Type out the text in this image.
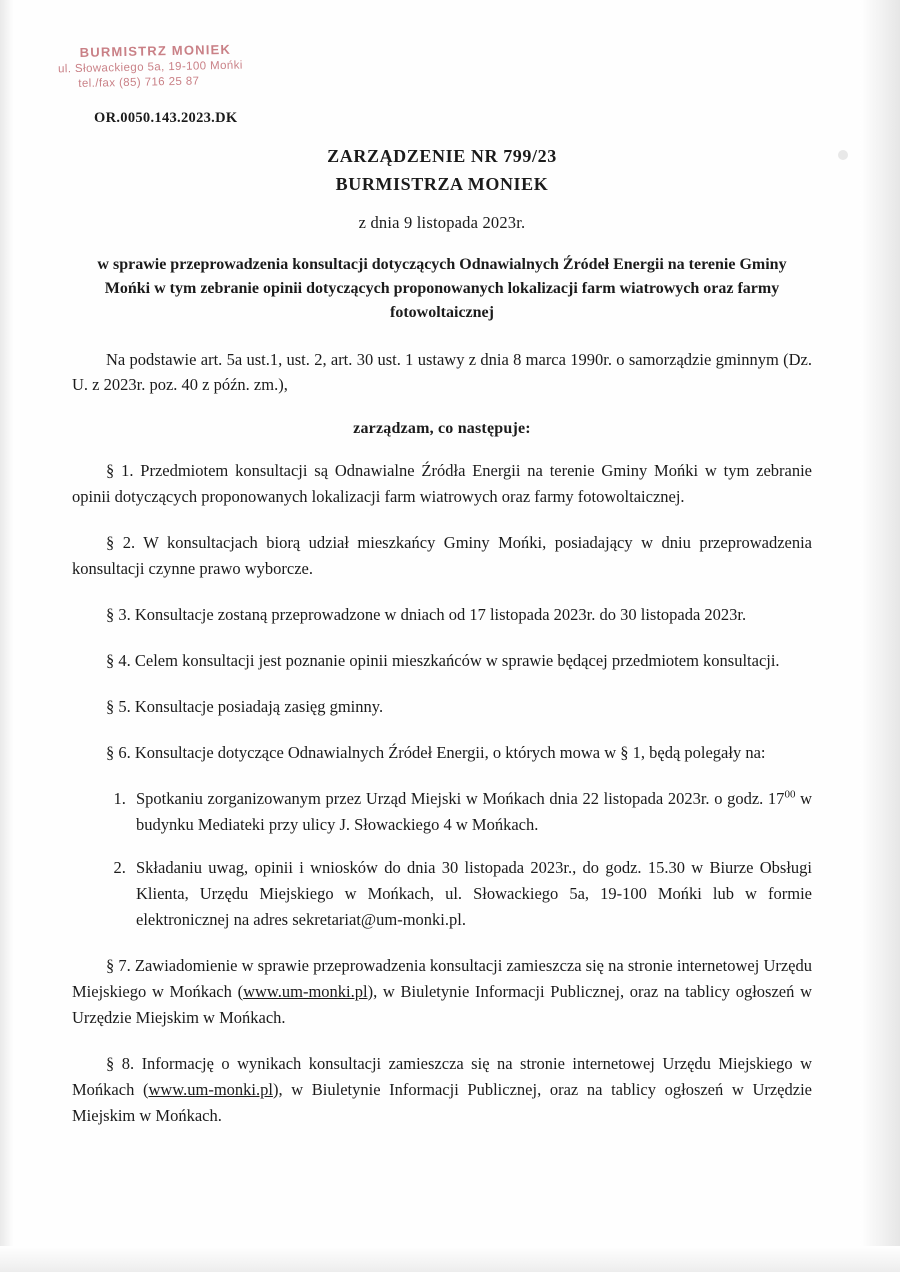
BURMISTRZ MONIEK
ul. Słowackiego 5a, 19-100 Mońki
tel./fax (85) 716 25 87
OR.0050.143.2023.DK
ZARZĄDZENIE NR 799/23
BURMISTRZA MONIEK
z dnia 9 listopada 2023r.
w sprawie przeprowadzenia konsultacji dotyczących Odnawialnych Źródeł Energii na terenie Gminy Mońki w tym zebranie opinii dotyczących proponowanych lokalizacji farm wiatrowych oraz farmy fotowoltaicznej
Na podstawie art. 5a ust.1, ust. 2, art. 30 ust. 1 ustawy z dnia 8 marca 1990r. o samorządzie gminnym (Dz. U. z 2023r. poz. 40 z późn. zm.),
zarządzam, co następuje:
§ 1. Przedmiotem konsultacji są Odnawialne Źródła Energii na terenie Gminy Mońki w tym zebranie opinii dotyczących proponowanych lokalizacji farm wiatrowych oraz farmy fotowoltaicznej.
§ 2. W konsultacjach biorą udział mieszkańcy Gminy Mońki, posiadający w dniu przeprowadzenia konsultacji czynne prawo wyborcze.
§ 3. Konsultacje zostaną przeprowadzone w dniach od 17 listopada 2023r. do 30 listopada 2023r.
§ 4. Celem konsultacji jest poznanie opinii mieszkańców w sprawie będącej przedmiotem konsultacji.
§ 5. Konsultacje posiadają zasięg gminny.
§ 6. Konsultacje dotyczące Odnawialnych Źródeł Energii, o których mowa w § 1, będą polegały na:
1. Spotkaniu zorganizowanym przez Urząd Miejski w Mońkach dnia 22 listopada 2023r. o godz. $17^{00}$ w budynku Mediateki przy ulicy J. Słowackiego 4 w Mońkach.
2. Składaniu uwag, opinii i wniosków do dnia 30 listopada 2023r., do godz. 15.30 w Biurze Obsługi Klienta, Urzędu Miejskiego w Mońkach, ul. Słowackiego 5a, 19-100 Mońki lub w formie elektronicznej na adres sekretariat@um-monki.pl.
§ 7. Zawiadomienie w sprawie przeprowadzenia konsultacji zamieszcza się na stronie internetowej Urzędu Miejskiego w Mońkach (www.um-monki.pl), w Biuletynie Informacji Publicznej, oraz na tablicy ogłoszeń w Urzędzie Miejskim w Mońkach.
§ 8. Informację o wynikach konsultacji zamieszcza się na stronie internetowej Urzędu Miejskiego w Mońkach (www.um-monki.pl), w Biuletynie Informacji Publicznej, oraz na tablicy ogłoszeń w Urzędzie Miejskim w Mońkach.
